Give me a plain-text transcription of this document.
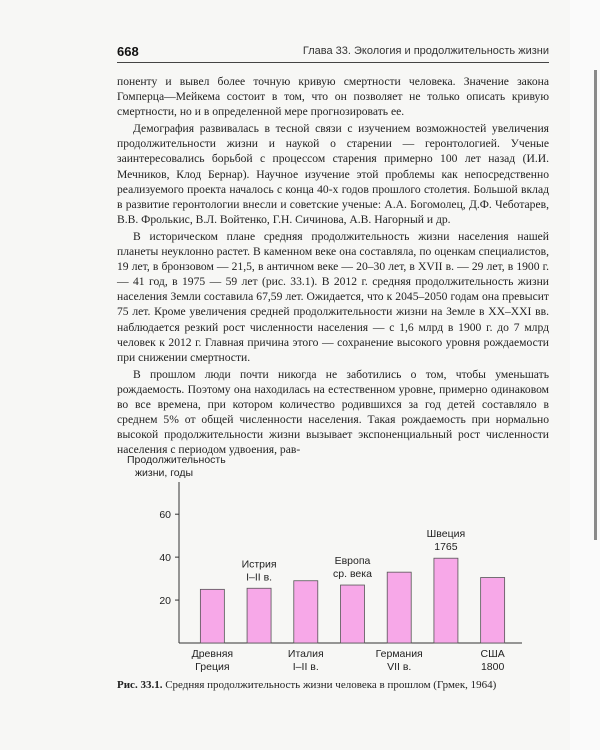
668	Глава 33. Экология и продолжительность жизни

поненту и вывел более точную кривую смертности человека. Значение закона Гомперца—Мейкема состоит в том, что он позволяет не только описать кривую смертности, но и в определенной мере прогнозировать ее.

Демография развивалась в тесной связи с изучением возможностей увеличения продолжительности жизни и наукой о старении — геронтологией. Ученые заинтересовались борьбой с процессом старения примерно 100 лет назад (И.И. Мечников, Клод Бернар). Научное изучение этой проблемы как непосредственно реализуемого проекта началось с конца 40-х годов прошлого столетия. Большой вклад в развитие геронтологии внесли и советские ученые: А.А. Богомолец, Д.Ф. Чеботарев, В.В. Фролькис, В.Л. Войтенко, Г.Н. Сичинова, А.В. Нагорный и др.

В историческом плане средняя продолжительность жизни населения нашей планеты неуклонно растет. В каменном веке она составляла, по оценкам специалистов, 19 лет, в бронзовом — 21,5, в античном веке — 20–30 лет, в XVII в. — 29 лет, в 1900 г. — 41 год, в 1975 — 59 лет (рис. 33.1). В 2012 г. средняя продолжительность жизни населения Земли составила 67,59 лет. Ожидается, что к 2045–2050 годам она превысит 75 лет. Кроме увеличения средней продолжительности жизни на Земле в XX–XXI вв. наблюдается резкий рост численности населения — с 1,6 млрд в 1900 г. до 7 млрд человек к 2012 г. Главная причина этого — сохранение высокого уровня рождаемости при снижении смертности.

В прошлом люди почти никогда не заботились о том, чтобы уменьшать рождаемость. Поэтому она находилась на естественном уровне, примерно одинаковом во все времена, при котором количество родившихся за год детей составляло в среднем 5% от общей численности населения. Такая рождаемость при нормально высокой продолжительности жизни вызывает экспоненциальный рост численности населения с периодом удвоения, рав-

Продолжительность
жизни, годы
20
40
60
Древняя
Греция
Истрия
I–II в.
Италия
I–II в.
Европа
ср. века
Германия
VII в.
Швеция
1765
США
1800
Рис. 33.1. Средняя продолжительность жизни человека в прошлом (Грмек, 1964)
